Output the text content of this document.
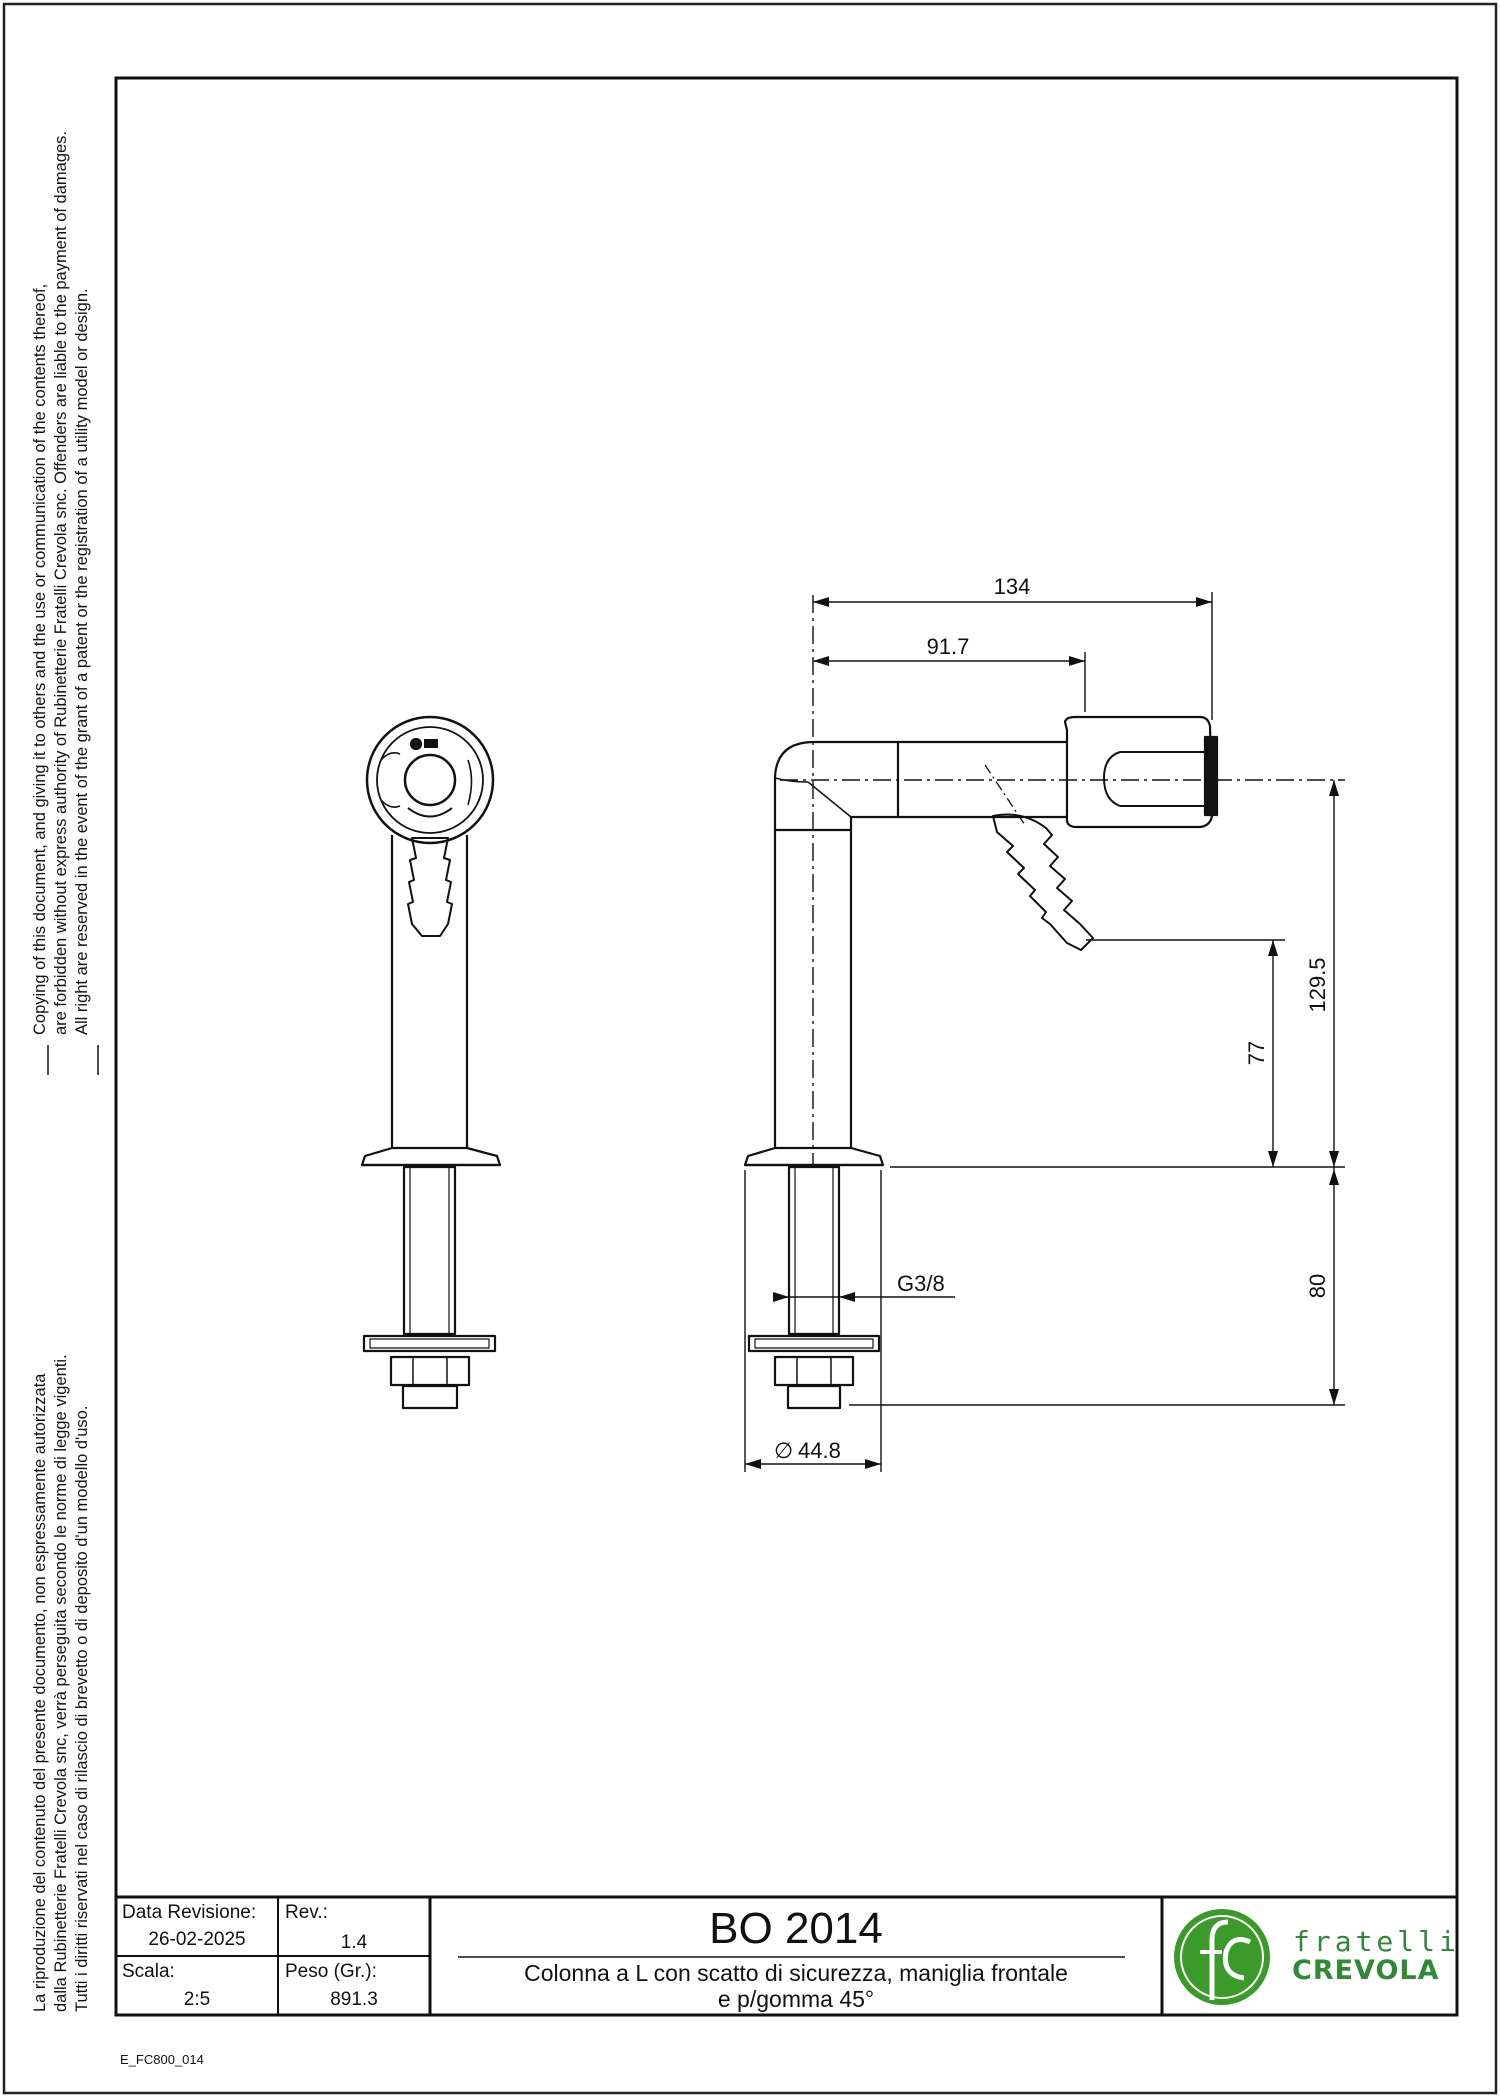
134
91.7
129.5
77
80
G3/8
∅ 44.8
Copying of this document, and giving it to others and the use or communication of the contents thereof, are forbidden without express authority of Rubinetterie Fratelli Crevola snc. Offenders are liable to the payment of damages. All right are reserved in the event of the grant of a patent or the registration of a utility model or design.
La riproduzione del contenuto del presente documento, non espressamente autorizzata dalla Rubinetterie Fratelli Crevola snc, verrà perseguita secondo le norme di legge vigenti. Tutti i diritti riservati nel caso di rilascio di brevetto o di deposito d'un modello d'uso. Data Revisione:
26-02-2025
Rev.:
1.4
Scala:
2:5
Peso (Gr.):
891.3
BO 2014
Colonna a L con scatto di sicurezza, maniglia frontale
e p/gomma 45°
fratelli
CREVOLA
E_FC800_014
